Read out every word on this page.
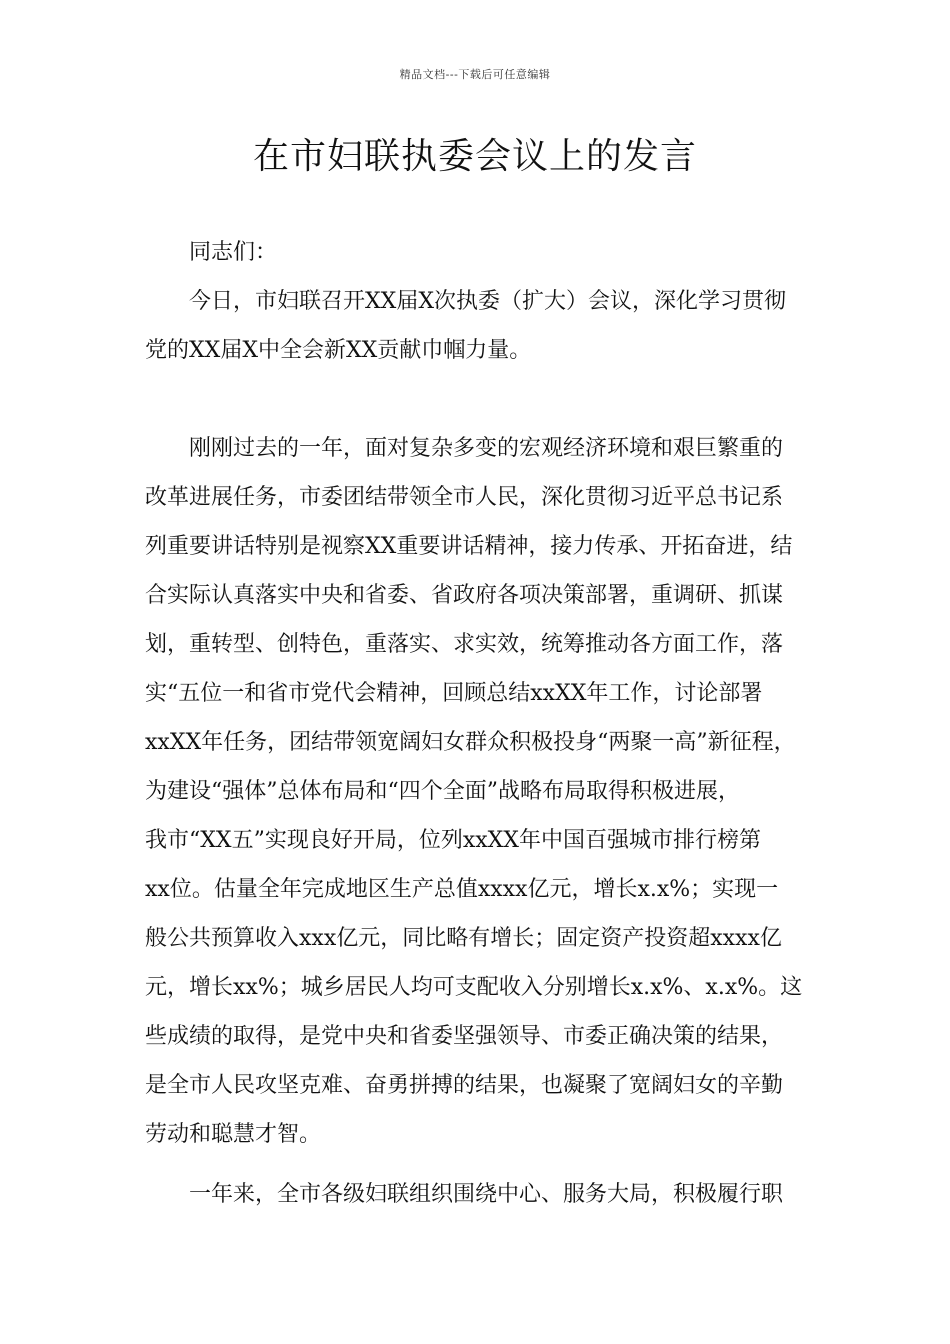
精品文档---下载后可任意编辑
在市妇联执委会议上的发言
同志们：
今日，市妇联召开XX届X次执委（扩大）会议，深化学习贯彻
党的XX届X中全会新XX贡献巾帼力量。
刚刚过去的一年，面对复杂多变的宏观经济环境和艰巨繁重的
改革进展任务，市委团结带领全市人民，深化贯彻习近平总书记系
列重要讲话特别是视察XX重要讲话精神，接力传承、开拓奋进，结
合实际认真落实中央和省委、省政府各项决策部署，重调研、抓谋
划，重转型、创特色，重落实、求实效，统筹推动各方面工作，落
实“五位一和省市党代会精神，回顾总结xxXX年工作，讨论部署
xxXX年任务，团结带领宽阔妇女群众积极投身“两聚一高”新征程，
为建设“强体”总体布局和“四个全面”战略布局取得积极进展，
我市“XX五”实现良好开局，位列xxXX年中国百强城市排行榜第
xx位。估量全年完成地区生产总值xxxx亿元，增长x.x%；实现一
般公共预算收入xxx亿元，同比略有增长；固定资产投资超xxxx亿
元，增长xx%；城乡居民人均可支配收入分别增长x.x%、x.x%。这
些成绩的取得，是党中央和省委坚强领导、市委正确决策的结果，
是全市人民攻坚克难、奋勇拼搏的结果，也凝聚了宽阔妇女的辛勤
劳动和聪慧才智。
一年来，全市各级妇联组织围绕中心、服务大局，积极履行职
